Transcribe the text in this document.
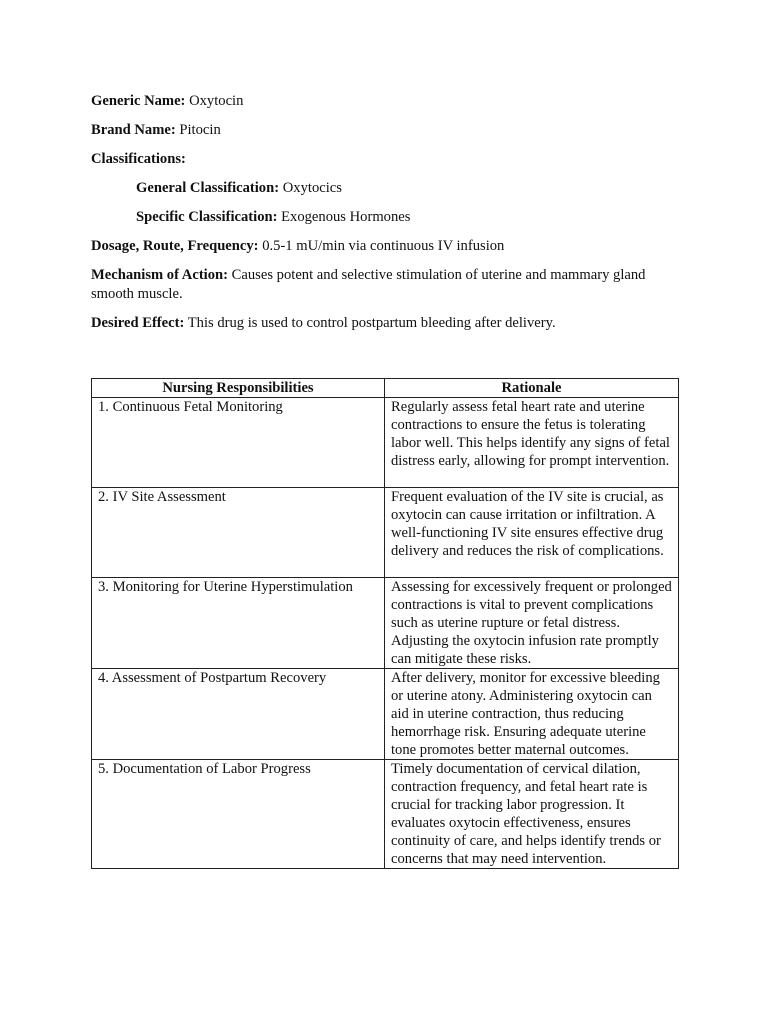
Generic Name: Oxytocin

Brand Name: Pitocin

Classifications:

General Classification: Oxytocics

Specific Classification: Exogenous Hormones

Dosage, Route, Frequency: 0.5-1 mU/min via continuous IV infusion

Mechanism of Action: Causes potent and selective stimulation of uterine and mammary gland smooth muscle.

Desired Effect: This drug is used to control postpartum bleeding after delivery.

Nursing Responsibilities	Rationale
1. Continuous Fetal Monitoring	Regularly assess fetal heart rate and uterine contractions to ensure the fetus is tolerating labor well. This helps identify any signs of fetal distress early, allowing for prompt intervention.
2. IV Site Assessment	Frequent evaluation of the IV site is crucial, as oxytocin can cause irritation or infiltration. A well-functioning IV site ensures effective drug delivery and reduces the risk of complications.
3. Monitoring for Uterine Hyperstimulation	Assessing for excessively frequent or prolonged contractions is vital to prevent complications such as uterine rupture or fetal distress. Adjusting the oxytocin infusion rate promptly can mitigate these risks.
4. Assessment of Postpartum Recovery	After delivery, monitor for excessive bleeding or uterine atony. Administering oxytocin can aid in uterine contraction, thus reducing hemorrhage risk. Ensuring adequate uterine tone promotes better maternal outcomes.
5. Documentation of Labor Progress	Timely documentation of cervical dilation, contraction frequency, and fetal heart rate is crucial for tracking labor progression. It evaluates oxytocin effectiveness, ensures continuity of care, and helps identify trends or concerns that may need intervention.
